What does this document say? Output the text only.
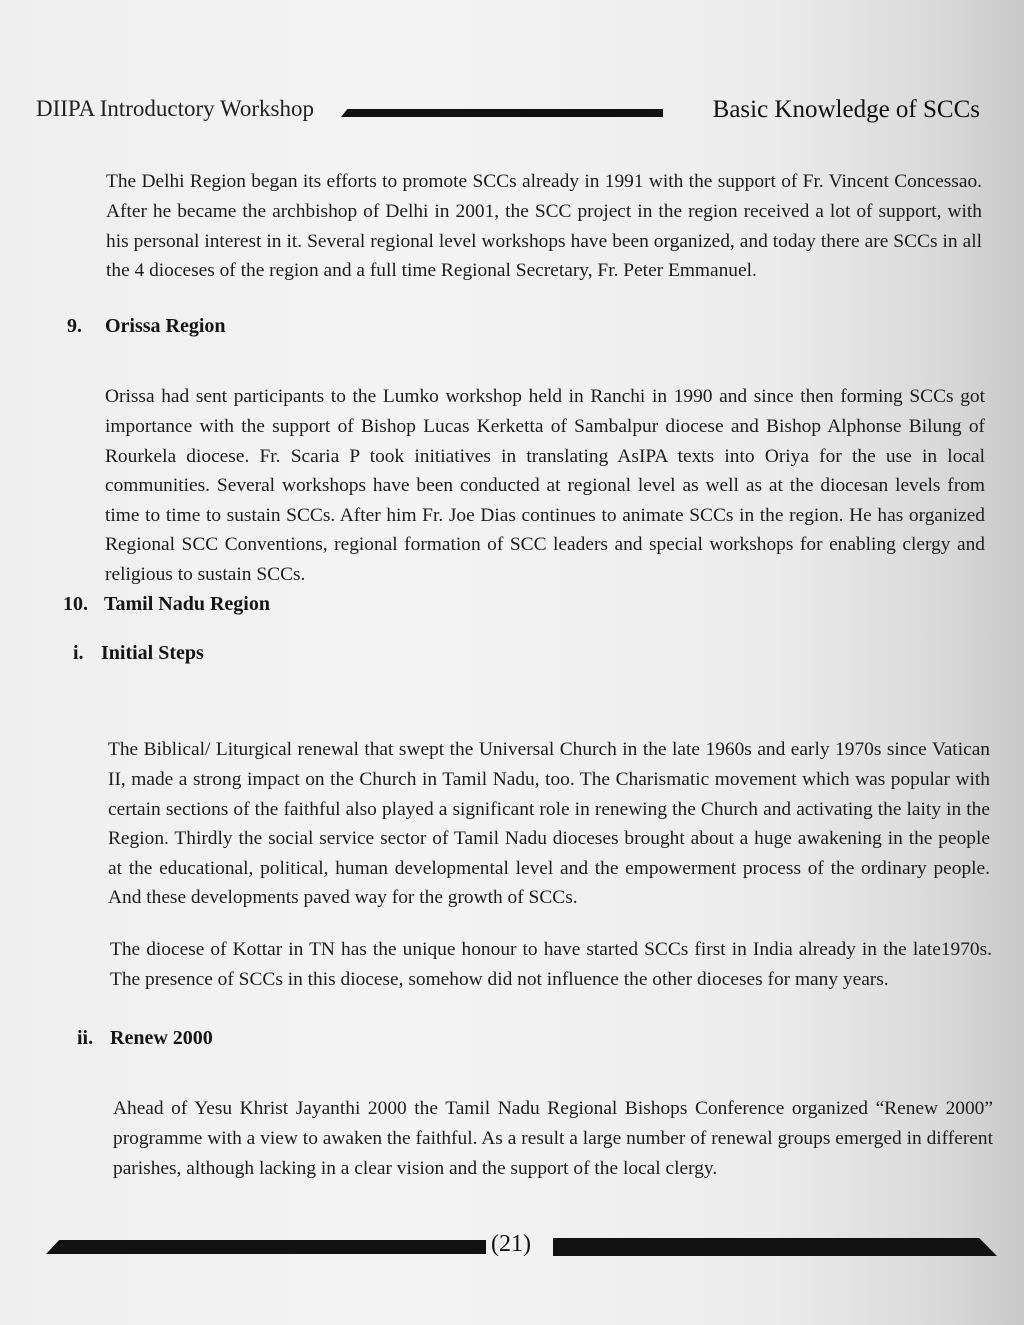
DIIPA Introductory Workshop	Basic Knowledge of SCCs

The Delhi Region began its efforts to promote SCCs already in 1991 with the support of Fr. Vincent Concessao. After he became the archbishop of Delhi in 2001, the SCC project in the region received a lot of support, with his personal interest in it. Several regional level workshops have been organized, and today there are SCCs in all the 4 dioceses of the region and a full time Regional Secretary, Fr. Peter Emmanuel.

9. Orissa Region

Orissa had sent participants to the Lumko workshop held in Ranchi in 1990 and since then forming SCCs got importance with the support of Bishop Lucas Kerketta of Sambalpur diocese and Bishop Alphonse Bilung of Rourkela diocese. Fr. Scaria P took initiatives in translating AsIPA texts into Oriya for the use in local communities. Several workshops have been conducted at regional level as well as at the diocesan levels from time to time to sustain SCCs. After him Fr. Joe Dias continues to animate SCCs in the region. He has organized Regional SCC Conventions, regional formation of SCC leaders and special workshops for enabling clergy and religious to sustain SCCs.

10. Tamil Nadu Region
i. Initial Steps

The Biblical/ Liturgical renewal that swept the Universal Church in the late 1960s and early 1970s since Vatican II, made a strong impact on the Church in Tamil Nadu, too. The Charismatic movement which was popular with certain sections of the faithful also played a significant role in renewing the Church and activating the laity in the Region. Thirdly the social service sector of Tamil Nadu dioceses brought about a huge awakening in the people at the educational, political, human developmental level and the empowerment process of the ordinary people. And these developments paved way for the growth of SCCs.

The diocese of Kottar in TN has the unique honour to have started SCCs first in India already in the late1970s. The presence of SCCs in this diocese, somehow did not influence the other dioceses for many years.

ii. Renew 2000

Ahead of Yesu Khrist Jayanthi 2000 the Tamil Nadu Regional Bishops Conference organized “Renew 2000” programme with a view to awaken the faithful. As a result a large number of renewal groups emerged in different parishes, although lacking in a clear vision and the support of the local clergy.

(21)
